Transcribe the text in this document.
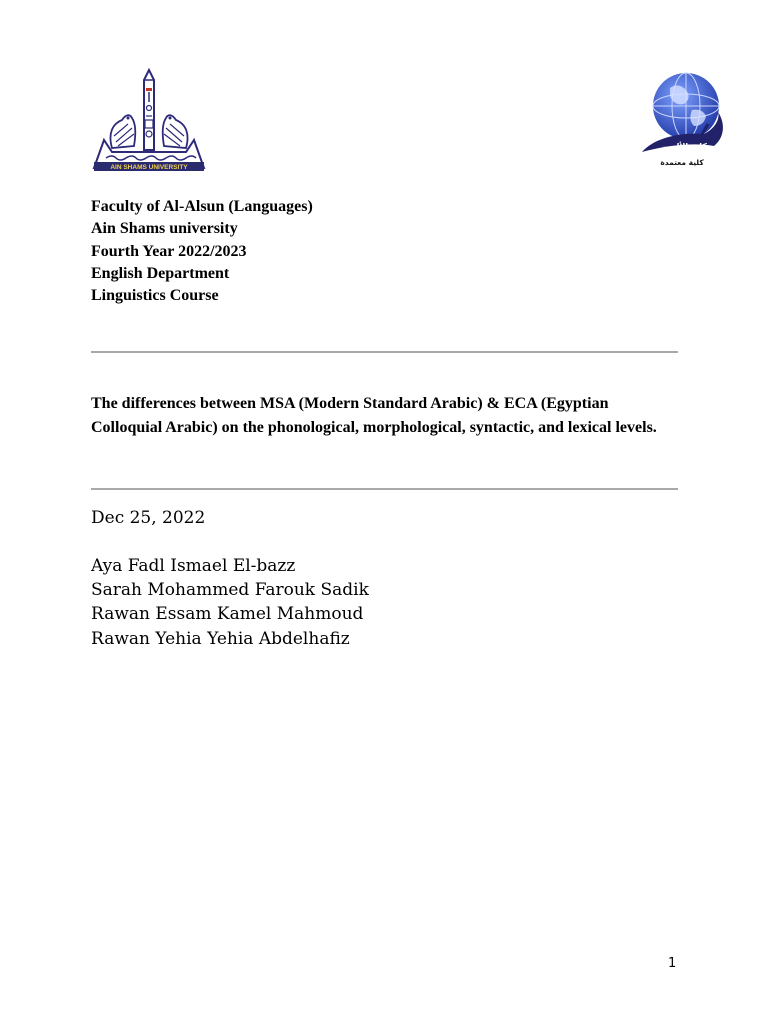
AIN SHAMS UNIVERSITY
كلية الألسن
كلية معتمدة
Faculty of Al-Alsun (Languages)
Ain Shams university
Fourth Year 2022/2023
English Department
Linguistics Course
The differences between MSA (Modern Standard Arabic) & ECA (Egyptian Colloquial Arabic) on the phonological, morphological, syntactic, and lexical levels.
Dec 25, 2022
Aya Fadl Ismael El-bazz
Sarah Mohammed Farouk Sadik
Rawan Essam Kamel Mahmoud
Rawan Yehia Yehia Abdelhafiz
1
